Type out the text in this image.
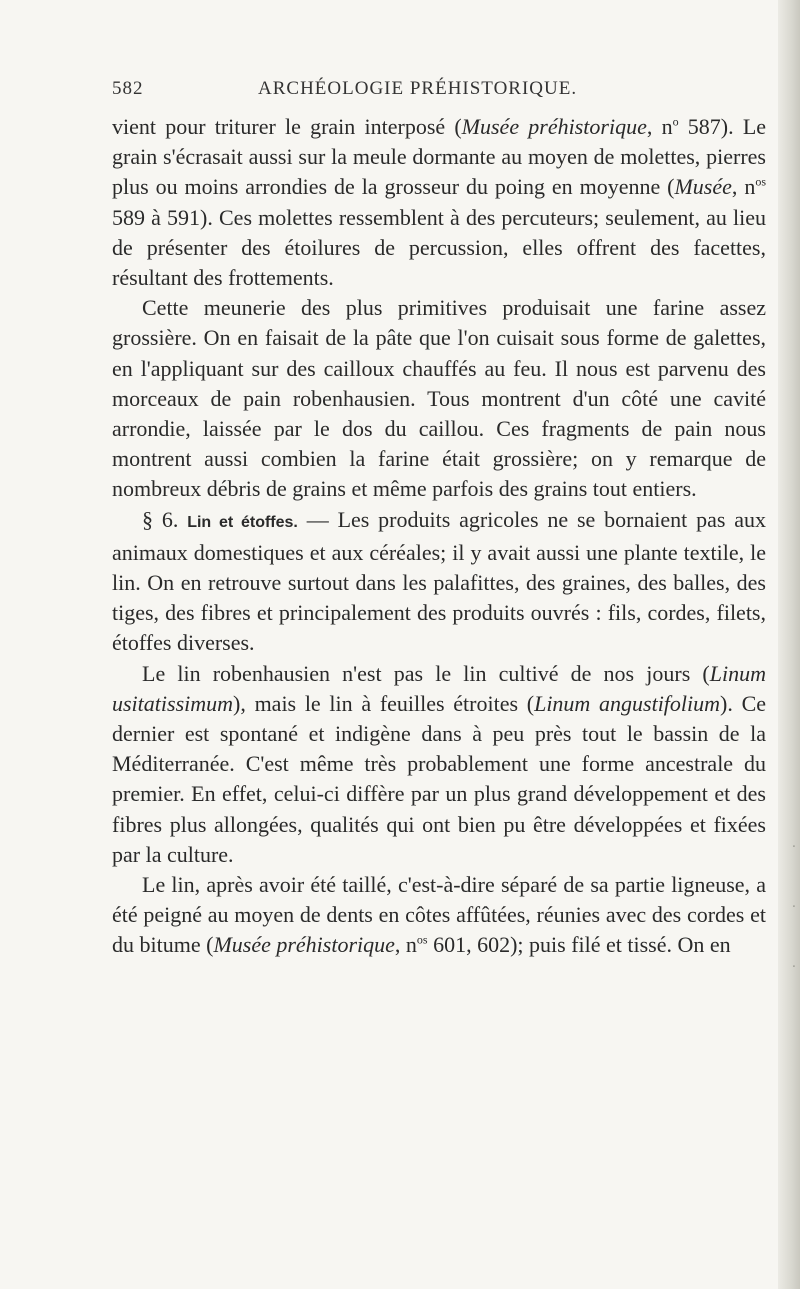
·
·
·
582	ARCHÉOLOGIE PRÉHISTORIQUE.

vient pour triturer le grain interposé (Musée préhistorique, $n^o$ 587). Le grain s'écrasait aussi sur la meule dormante au moyen de molettes, pierres plus ou moins arrondies de la grosseur du poing en moyenne (Musée, $n^{os}$ 589 à 591). Ces molettes ressemblent à des percuteurs; seulement, au lieu de présenter des étoilures de percussion, elles offrent des facettes, résultant des frottements.

Cette meunerie des plus primitives produisait une farine assez grossière. On en faisait de la pâte que l'on cuisait sous forme de galettes, en l'appliquant sur des cailloux chauffés au feu. Il nous est parvenu des morceaux de pain robenhausien. Tous montrent d'un côté une cavité arrondie, laissée par le dos du caillou. Ces fragments de pain nous montrent aussi combien la farine était grossière; on y remarque de nombreux débris de grains et même parfois des grains tout entiers.

§ 6. Lin et étoffes. — Les produits agricoles ne se bornaient pas aux animaux domestiques et aux céréales; il y avait aussi une plante textile, le lin. On en retrouve surtout dans les palafittes, des graines, des balles, des tiges, des fibres et principalement des produits ouvrés : fils, cordes, filets, étoffes diverses.

Le lin robenhausien n'est pas le lin cultivé de nos jours (Linum usitatissimum), mais le lin à feuilles étroites (Linum angustifolium). Ce dernier est spontané et indigène dans à peu près tout le bassin de la Méditerranée. C'est même très probablement une forme ancestrale du premier. En effet, celui-ci diffère par un plus grand développement et des fibres plus allongées, qualités qui ont bien pu être développées et fixées par la culture.

Le lin, après avoir été taillé, c'est-à-dire séparé de sa partie ligneuse, a été peigné au moyen de dents en côtes affûtées, réunies avec des cordes et du bitume (Musée préhistorique, $n^{os}$ 601, 602); puis filé et tissé. On en
